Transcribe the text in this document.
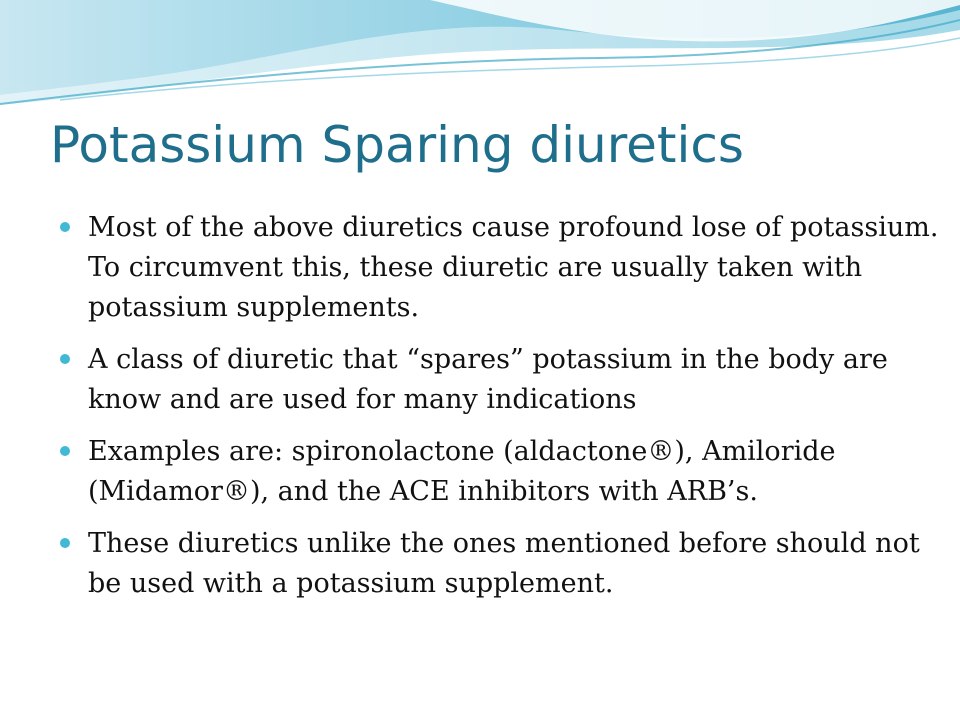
Potassium Sparing diuretics
Most of the above diuretics cause profound lose of potassium. To circumvent this, these diuretic are usually taken with potassium supplements.
A class of diuretic that “spares” potassium in the body are know and are used for many indications
Examples are: spironolactone (aldactone®), Amiloride (Midamor®), and the ACE inhibitors with ARB’s.
These diuretics unlike the ones mentioned before should not be used with a potassium supplement.
